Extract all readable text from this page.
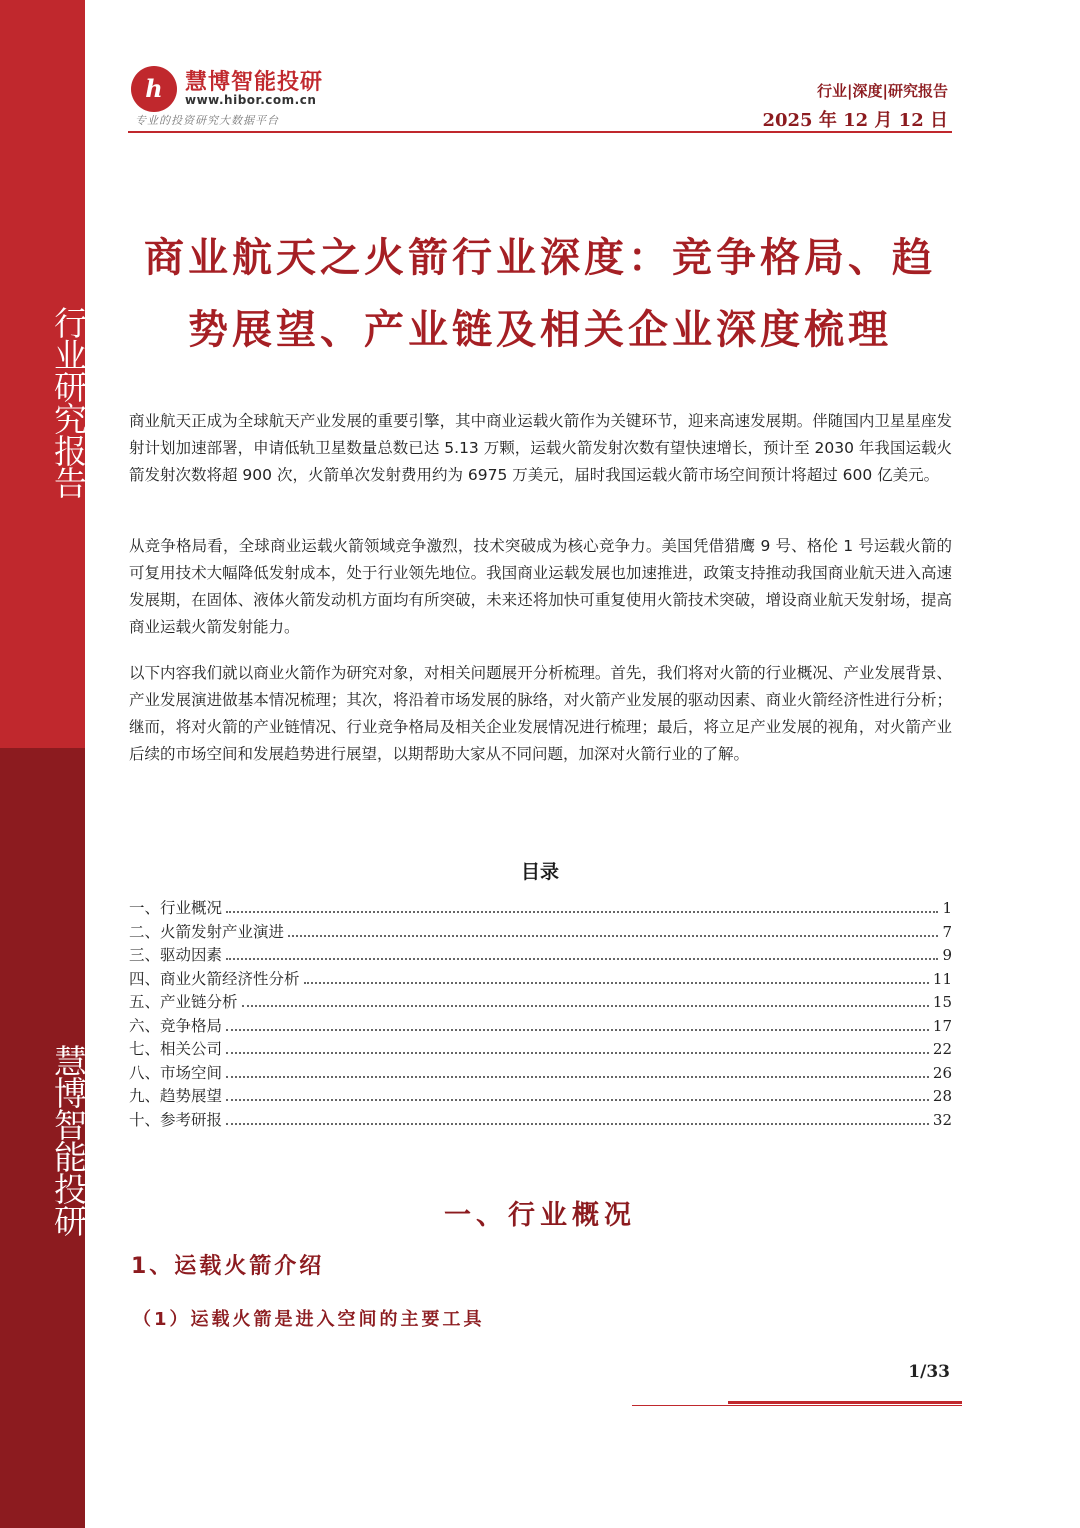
行业研究报告
慧博智能投研
h	慧博智能投研
www.hibor.com.cn
专业的投资研究大数据平台
行业|深度|研究报告
2025 年 12 月 12 日
商业航天之火箭行业深度：竞争格局、趋势展望、产业链及相关企业深度梳理

商业航天正成为全球航天产业发展的重要引擎，其中商业运载火箭作为关键环节，迎来高速发展期。伴随国内卫星星座发射计划加速部署，申请低轨卫星数量总数已达 5.13 万颗，运载火箭发射次数有望快速增长，预计至 2030 年我国运载火箭发射次数将超 900 次，火箭单次发射费用约为 6975 万美元，届时我国运载火箭市场空间预计将超过 600 亿美元。

从竞争格局看，全球商业运载火箭领域竞争激烈，技术突破成为核心竞争力。美国凭借猎鹰 9 号、格伦 1 号运载火箭的可复用技术大幅降低发射成本，处于行业领先地位。我国商业运载发展也加速推进，政策支持推动我国商业航天进入高速发展期，在固体、液体火箭发动机方面均有所突破，未来还将加快可重复使用火箭技术突破，增设商业航天发射场，提高商业运载火箭发射能力。

以下内容我们就以商业火箭作为研究对象，对相关问题展开分析梳理。首先，我们将对火箭的行业概况、产业发展背景、产业发展演进做基本情况梳理；其次，将沿着市场发展的脉络，对火箭产业发展的驱动因素、商业火箭经济性进行分析；继而，将对火箭的产业链情况、行业竞争格局及相关企业发展情况进行梳理；最后，将立足产业发展的视角，对火箭产业后续的市场空间和发展趋势进行展望，以期帮助大家从不同问题，加深对火箭行业的了解。

目录
一、行业概况	1
二、火箭发射产业演进	7
三、驱动因素	9
四、商业火箭经济性分析	11
五、产业链分析	15
六、竞争格局	17
七、相关公司	22
八、市场空间	26
九、趋势展望	28
十、参考研报	32
一、行业概况
1、运载火箭介绍
（1）运载火箭是进入空间的主要工具
1/33
